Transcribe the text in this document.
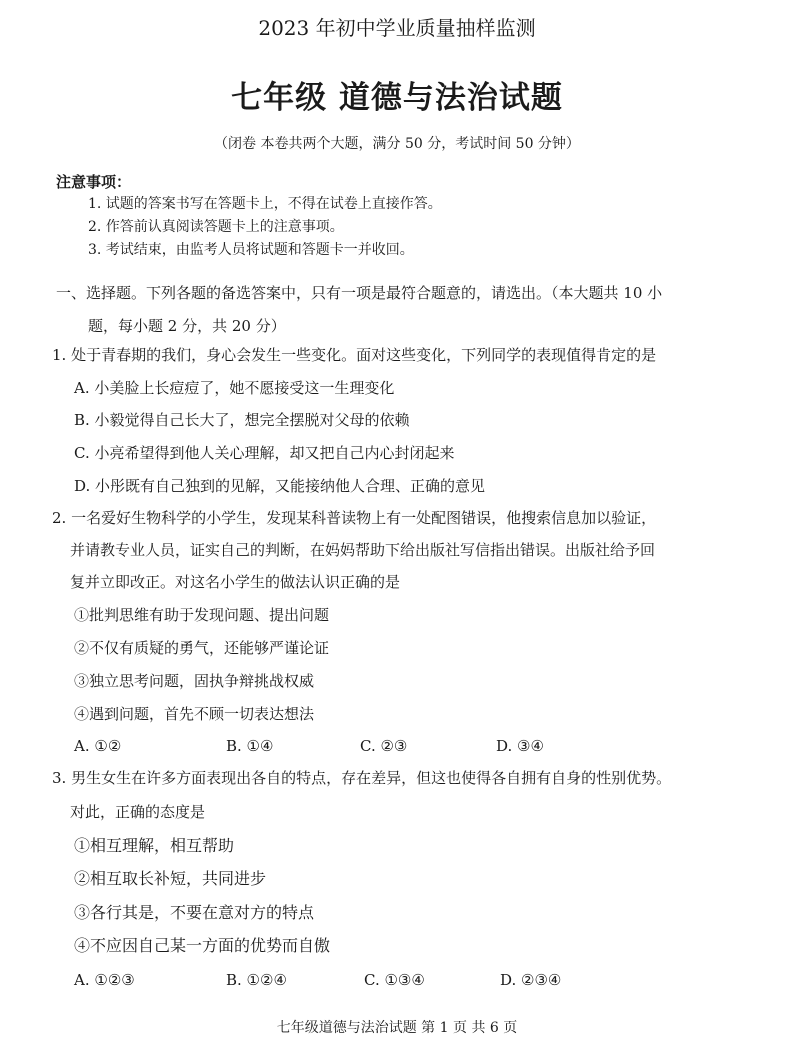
2023 年初中学业质量抽样监测
七年级 道德与法治试题
（闭卷 本卷共两个大题，满分 50 分，考试时间 50 分钟）
注意事项：
1. 试题的答案书写在答题卡上，不得在试卷上直接作答。
2. 作答前认真阅读答题卡上的注意事项。
3. 考试结束，由监考人员将试题和答题卡一并收回。
一、选择题。下列各题的备选答案中，只有一项是最符合题意的，请选出。（本大题共 10 小
题，每小题 2 分，共 20 分）
1. 处于青春期的我们，身心会发生一些变化。面对这些变化，下列同学的表现值得肯定的是
A. 小美脸上长痘痘了，她不愿接受这一生理变化
B. 小毅觉得自己长大了，想完全摆脱对父母的依赖
C. 小亮希望得到他人关心理解，却又把自己内心封闭起来
D. 小彤既有自己独到的见解，又能接纳他人合理、正确的意见
2. 一名爱好生物科学的小学生，发现某科普读物上有一处配图错误，他搜索信息加以验证，
并请教专业人员，证实自己的判断，在妈妈帮助下给出版社写信指出错误。出版社给予回
复并立即改正。对这名小学生的做法认识正确的是
①批判思维有助于发现问题、提出问题
②不仅有质疑的勇气，还能够严谨论证
③独立思考问题，固执争辩挑战权威
④遇到问题，首先不顾一切表达想法
A. ①②	B. ①④	C. ②③	D. ③④
3. 男生女生在许多方面表现出各自的特点，存在差异，但这也使得各自拥有自身的性别优势。
对此，正确的态度是
①相互理解，相互帮助
②相互取长补短，共同进步
③各行其是，不要在意对方的特点
④不应因自己某一方面的优势而自傲
A. ①②③	B. ①②④	C. ①③④	D. ②③④
七年级道德与法治试题 第 1 页 共 6 页
